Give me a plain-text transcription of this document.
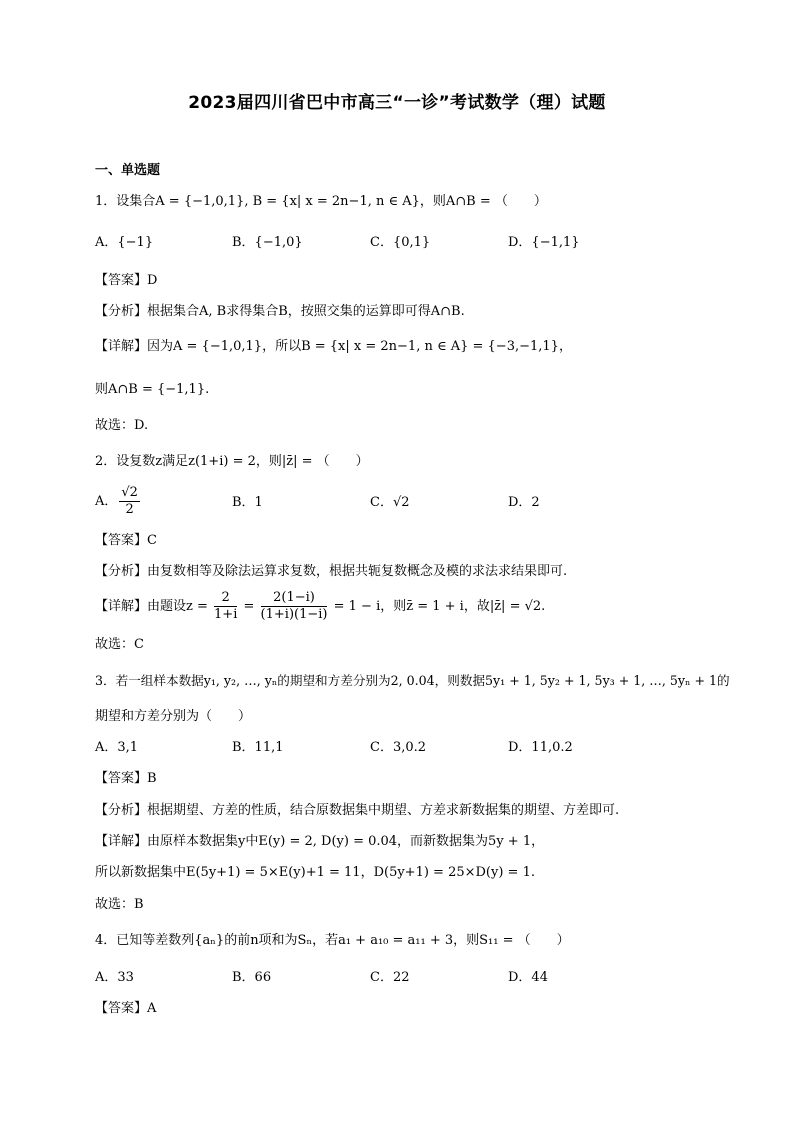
2023届四川省巴中市高三“一诊”考试数学（理）试题
一、单选题
1．设集合A = {−1,0,1}, B = {x| x = 2n−1, n ∈ A}，则A∩B = （　　）
A．{−1}	B．{−1,0}	C．{0,1}	D．{−1,1}
【答案】D
【分析】根据集合A, B求得集合B，按照交集的运算即可得A∩B.
【详解】因为A = {−1,0,1}，所以B = {x| x = 2n−1, n ∈ A} = {−3,−1,1}，
则A∩B = {−1,1}.
故选：D.
2．设复数z满足z(1+i) = 2，则|z̄| = （　　）
A． $\frac{√2}{2}$	B．1	C．√2	D．2
【答案】C
【分析】由复数相等及除法运算求复数，根据共轭复数概念及模的求法求结果即可.
【详解】由题设$z = \frac{2}{1+i} = \frac{2(1-i)}{(1+i)(1-i)} = 1 - i$，则z̄ = 1 + i，故|z̄| = √2.
故选：C
3．若一组样本数据y₁, y₂, …, yₙ的期望和方差分别为2, 0.04，则数据5y₁ + 1, 5y₂ + 1, 5y₃ + 1, …, 5yₙ + 1的
期望和方差分别为（　　）
A．3,1	B．11,1	C．3,0.2	D．11,0.2
【答案】B
【分析】根据期望、方差的性质，结合原数据集中期望、方差求新数据集的期望、方差即可.
【详解】由原样本数据集y中E(y) = 2, D(y) = 0.04，而新数据集为5y + 1，
所以新数据集中E(5y+1) = 5×E(y)+1 = 11，D(5y+1) = 25×D(y) = 1.
故选：B
4．已知等差数列{aₙ}的前n项和为Sₙ，若a₁ + a₁₀ = a₁₁ + 3，则S₁₁ = （　　）
A．33	B．66	C．22	D．44
【答案】A
